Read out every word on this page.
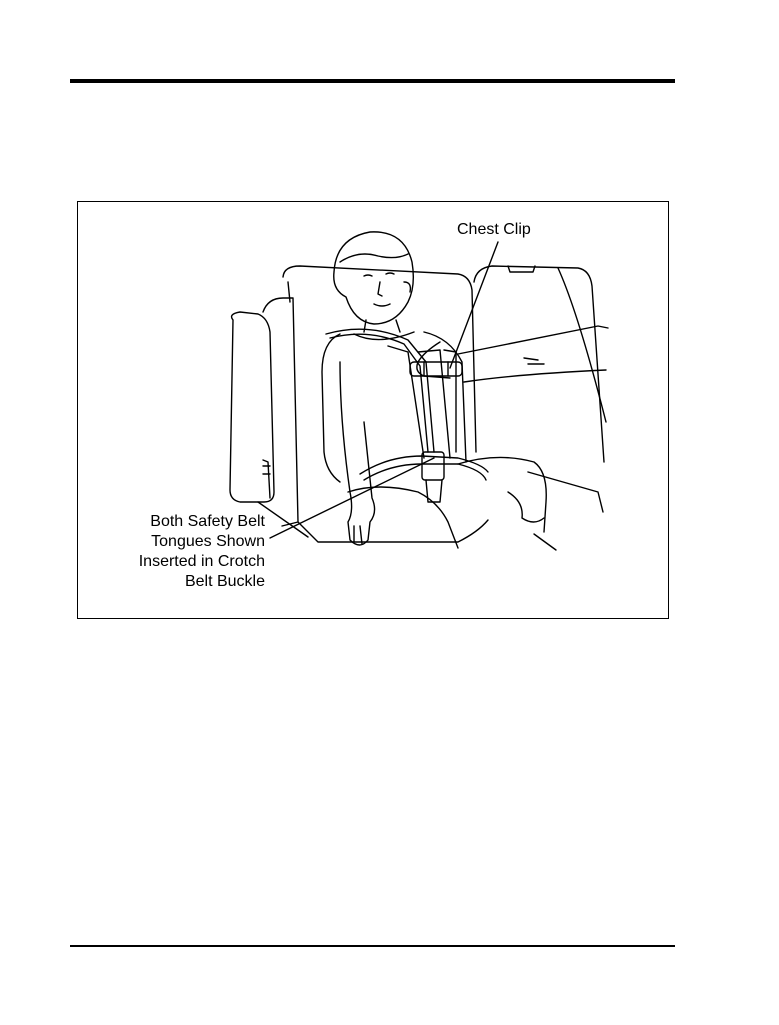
Chest Clip
Both Safety Belt
Tongues Shown
Inserted in Crotch
Belt Buckle
